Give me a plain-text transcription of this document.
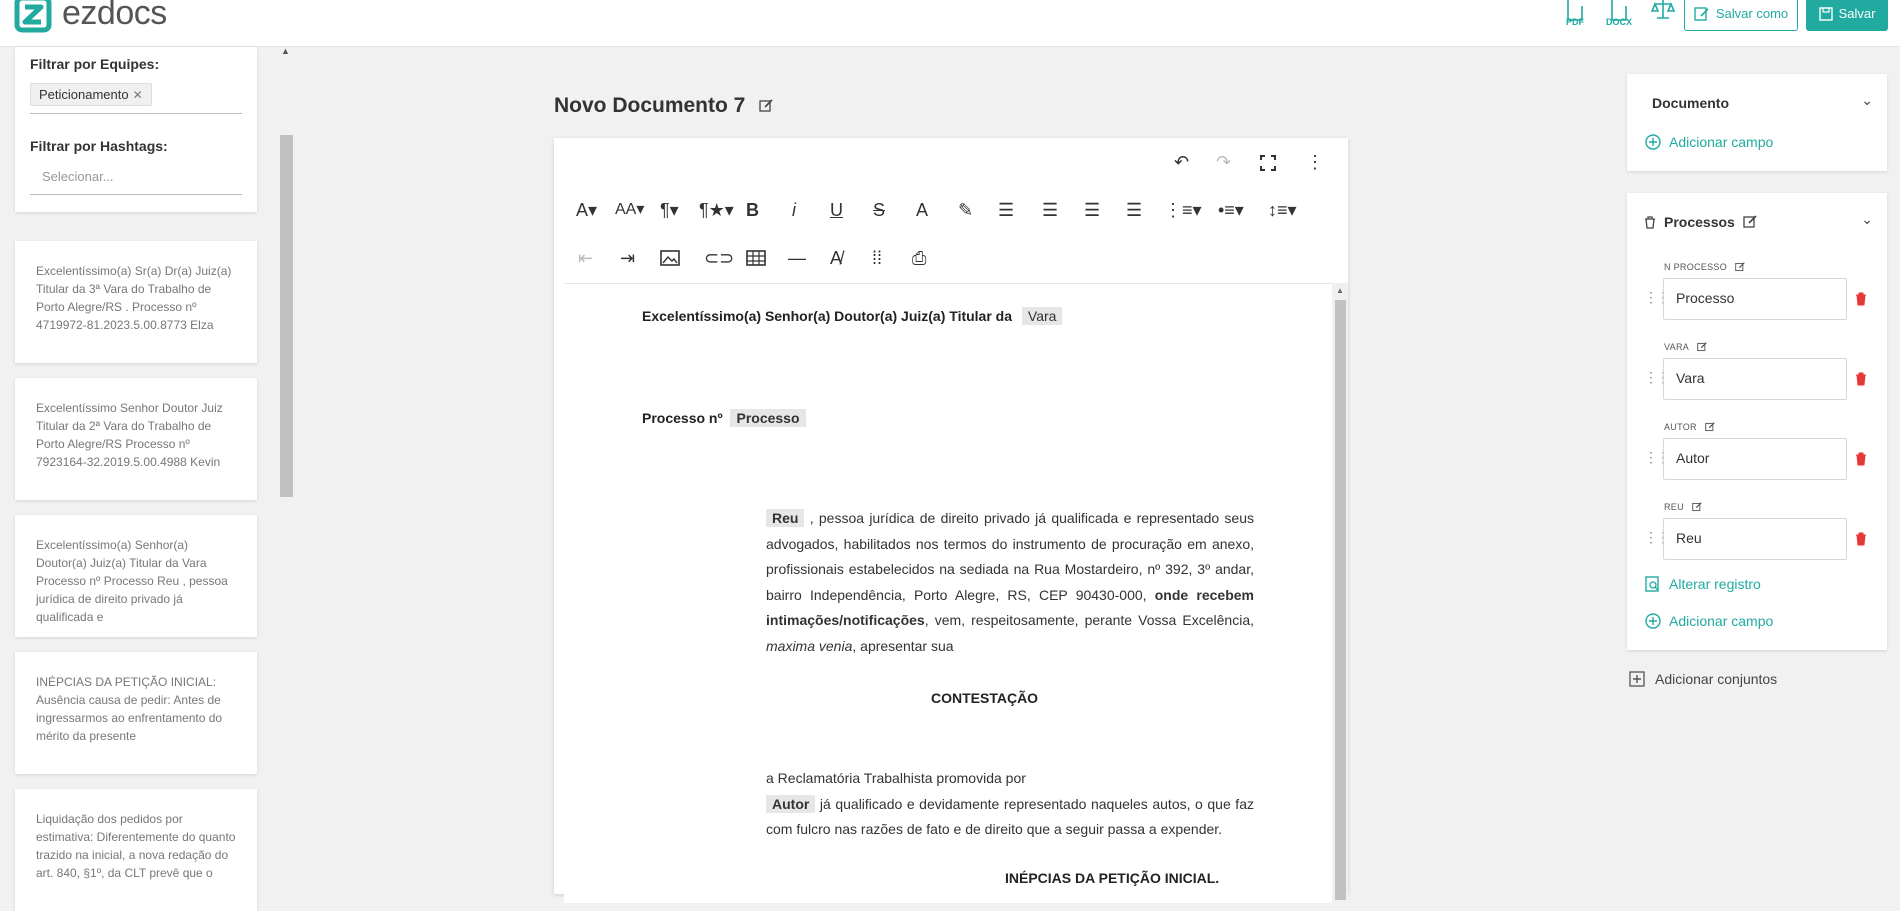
ezdocs	PDF	DOCX
Salvar como	Salvar
Filtrar por Equipes:
Peticionamento ✕
Filtrar por Hashtags:
Selecionar...
▲

Excelentíssimo(a) Sr(a) Dr(a) Juiz(a) Titular da 3ª Vara do Trabalho de Porto Alegre/RS . Processo nº 4719972-81.2023.5.00.8773 Elza

Excelentíssimo Senhor Doutor Juiz Titular da 2ª Vara do Trabalho de Porto Alegre/RS Processo nº 7923164-32.2019.5.00.4988 Kevin

Excelentíssimo(a) Senhor(a) Doutor(a) Juiz(a) Titular da Vara Processo nº Processo Reu , pessoa jurídica de direito privado já qualificada e

INÉPCIAS DA PETIÇÃO INICIAL: Ausência causa de pedir: Antes de ingressarmos ao enfrentamento do mérito da presente

Liquidação dos pedidos por estimativa: Diferentemente do quanto trazido na inicial, a nova redação do art. 840, §1º, da CLT prevê que o

Novo Documento 7
↶ ↷	⋮
A▾ AA▾ ¶▾ ¶★▾ B i U S A ✎ ☰ ☰ ☰ ☰ ⋮≡▾ •≡▾ ↕≡▾
⇤ ⇥	⊂⊃	— A̸ ⁞⁞ ⎙
Excelentíssimo(a) Senhor(a) Doutor(a) Juiz(a) Titular da Vara
Processo nº Processo
Reu , pessoa jurídica de direito privado já qualificada e representado seus advogados, habilitados nos termos do instrumento de procuração em anexo, profissionais estabelecidos na sediada na Rua Mostardeiro, nº 392, 3º andar, bairro Independência, Porto Alegre, RS, CEP 90430-000, onde recebem intimações/notificações, vem, respeitosamente, perante Vossa Excelência, maxima venia, apresentar sua
CONTESTAÇÃO
a Reclamatória Trabalhista promovida por
Autor já qualificado e devidamente representado naqueles autos, o que faz com fulcro nas razões de fato e de direito que a seguir passa a expender.
INÉPCIAS DA PETIÇÃO INICIAL.
▲
Documento	⌄
Adicionar campo
Processos	⌄
N PROCESSO
⋮⋮ Processo
VARA
⋮⋮ Vara
AUTOR
⋮⋮ Autor
REU
⋮⋮ Reu
Alterar registro
Adicionar campo
Adicionar conjuntos
